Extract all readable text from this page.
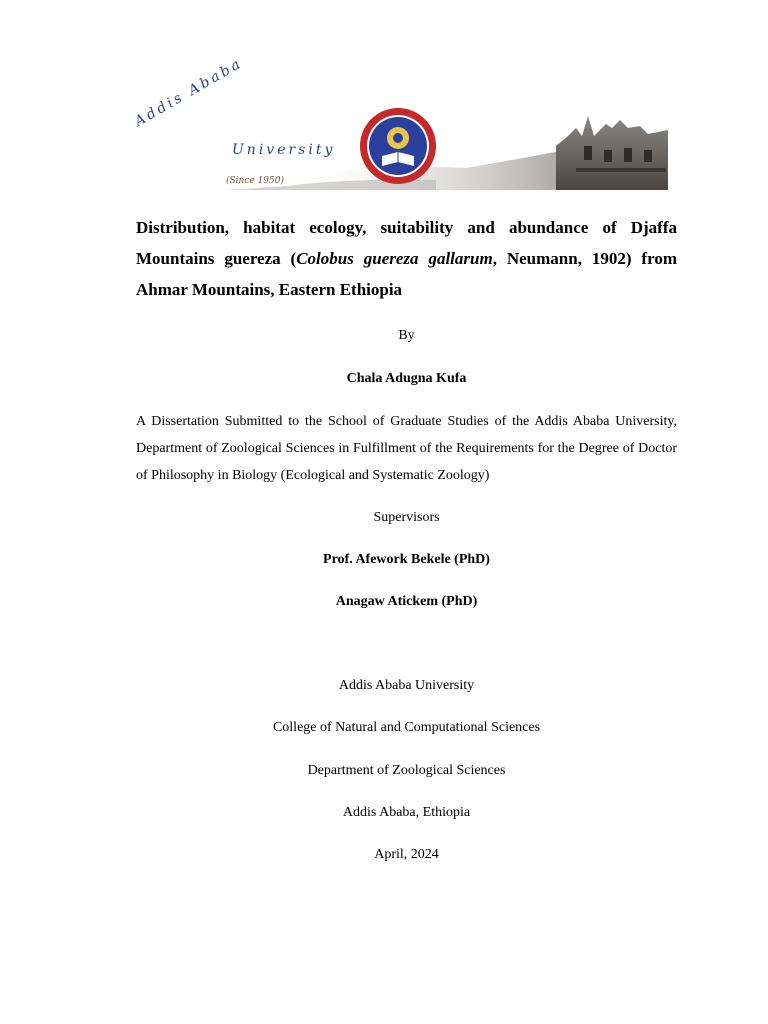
Addis Ababa
University
(Since 1950)
Distribution, habitat ecology, suitability and abundance of Djaffa Mountains guereza (Colobus guereza gallarum, Neumann, 1902) from Ahmar Mountains, Eastern Ethiopia
By
Chala Adugna Kufa
A Dissertation Submitted to the School of Graduate Studies of the Addis Ababa University, Department of Zoological Sciences in Fulfillment of the Requirements for the Degree of Doctor of Philosophy in Biology (Ecological and Systematic Zoology)
Supervisors
Prof. Afework Bekele (PhD)
Anagaw Atickem (PhD)
Addis Ababa University
College of Natural and Computational Sciences
Department of Zoological Sciences
Addis Ababa, Ethiopia
April, 2024
